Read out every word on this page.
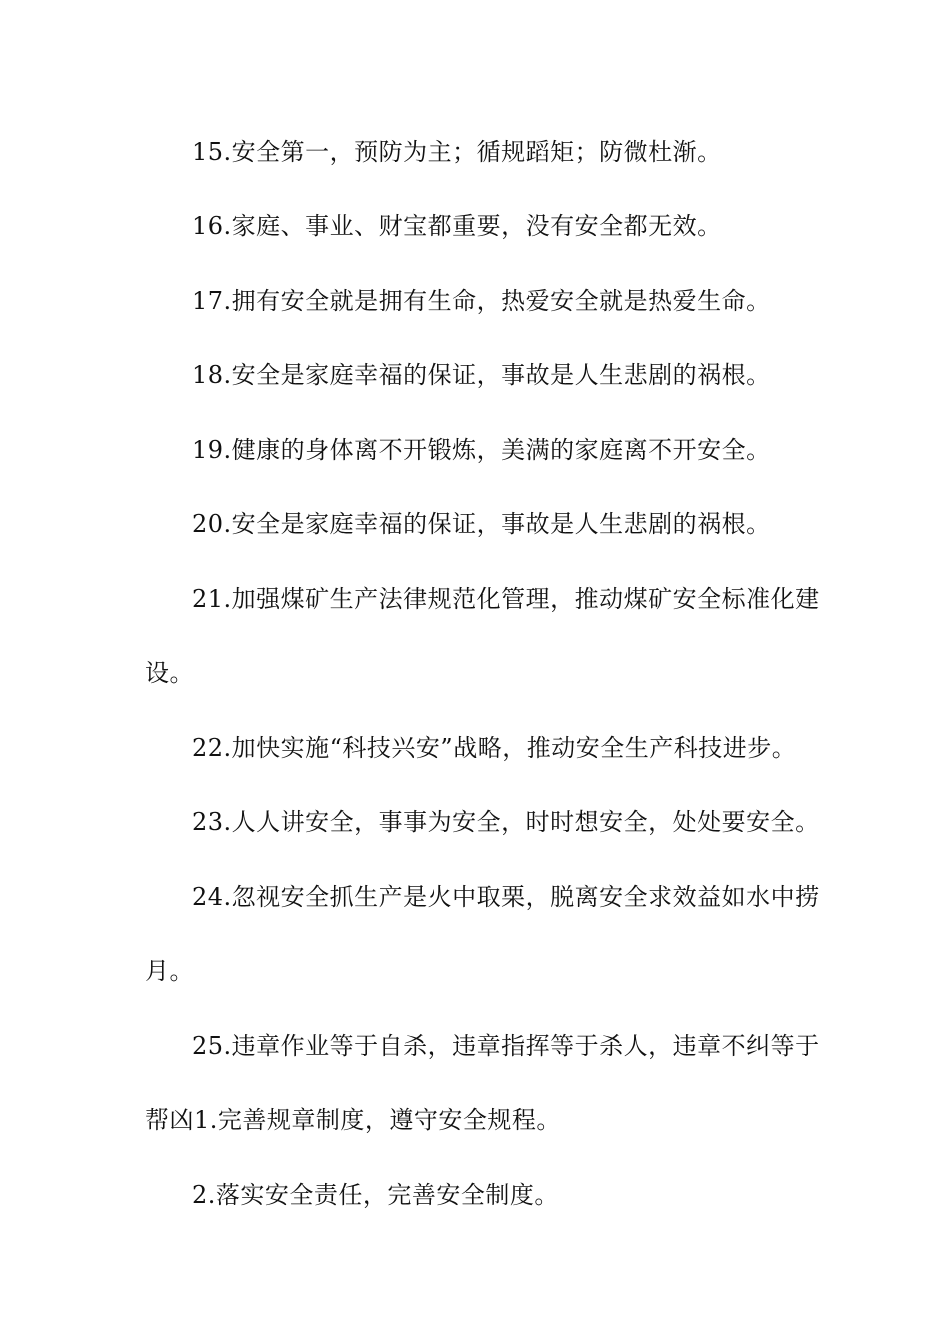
15.安全第一，预防为主；循规蹈矩；防微杜渐。
16.家庭、事业、财宝都重要，没有安全都无效。
17.拥有安全就是拥有生命，热爱安全就是热爱生命。
18.安全是家庭幸福的保证，事故是人生悲剧的祸根。
19.健康的身体离不开锻炼，美满的家庭离不开安全。
20.安全是家庭幸福的保证，事故是人生悲剧的祸根。
21.加强煤矿生产法律规范化管理，推动煤矿安全标准化建
设。
22.加快实施“科技兴安”战略，推动安全生产科技进步。
23.人人讲安全，事事为安全，时时想安全，处处要安全。
24.忽视安全抓生产是火中取栗，脱离安全求效益如水中捞
月。
25.违章作业等于自杀，违章指挥等于杀人，违章不纠等于
帮凶1.完善规章制度，遵守安全规程。
2.落实安全责任，完善安全制度。
